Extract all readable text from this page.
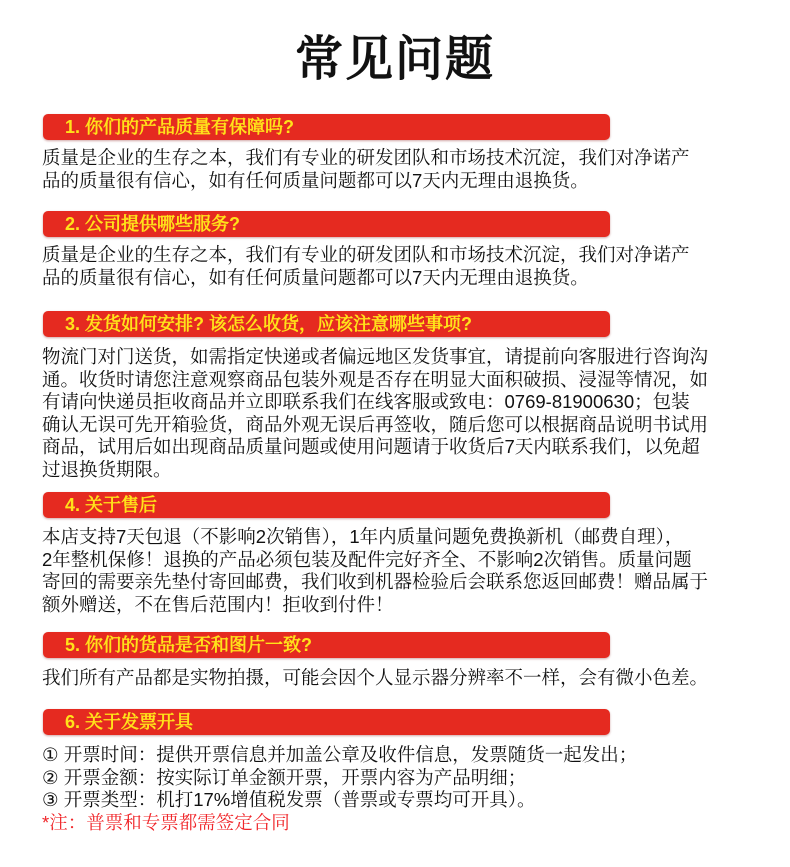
常见问题
1. 你们的产品质量有保障吗?
质量是企业的生存之本，我们有专业的研发团队和市场技术沉淀，我们对净诺产
品的质量很有信心，如有任何质量问题都可以7天内无理由退换货。
2. 公司提供哪些服务?
质量是企业的生存之本，我们有专业的研发团队和市场技术沉淀，我们对净诺产
品的质量很有信心，如有任何质量问题都可以7天内无理由退换货。
3. 发货如何安排? 该怎么收货，应该注意哪些事项?
物流门对门送货，如需指定快递或者偏远地区发货事宜，请提前向客服进行咨询沟
通。收货时请您注意观察商品包装外观是否存在明显大面积破损、浸湿等情况，如
有请向快递员拒收商品并立即联系我们在线客服或致电：0769-81900630；包装
确认无误可先开箱验货，商品外观无误后再签收，随后您可以根据商品说明书试用
商品，试用后如出现商品质量问题或使用问题请于收货后7天内联系我们，以免超
过退换货期限。
4. 关于售后
本店支持7天包退（不影响2次销售），1年内质量问题免费换新机（邮费自理），
2年整机保修！退换的产品必须包装及配件完好齐全、不影响2次销售。质量问题
寄回的需要亲先垫付寄回邮费，我们收到机器检验后会联系您返回邮费！赠品属于
额外赠送，不在售后范围内！拒收到付件！
5. 你们的货品是否和图片一致?
我们所有产品都是实物拍摄，可能会因个人显示器分辨率不一样，会有微小色差。
6. 关于发票开具
① 开票时间：提供开票信息并加盖公章及收件信息，发票随货一起发出；
② 开票金额：按实际订单金额开票，开票内容为产品明细；
③ 开票类型：机打17%增值税发票（普票或专票均可开具）。
*注：普票和专票都需签定合同
